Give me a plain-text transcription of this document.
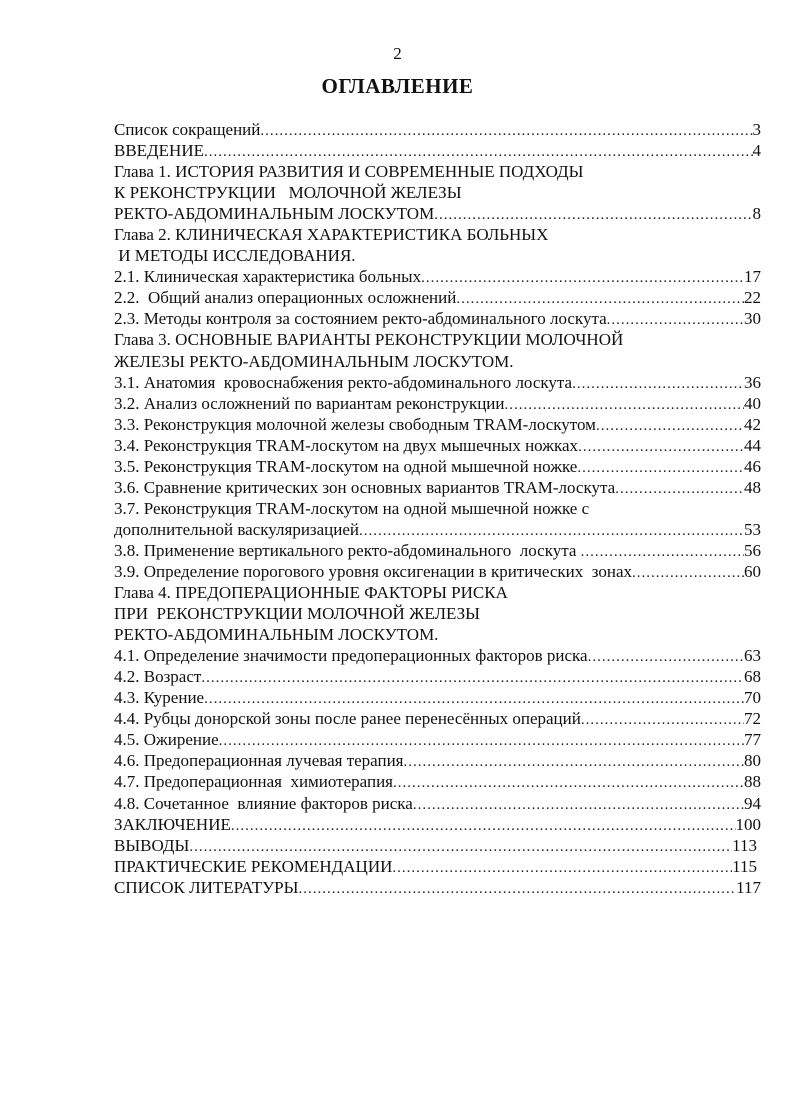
2
ОГЛАВЛЕНИЕ
Список сокращений .....	3
ВВЕДЕНИЕ .....	4
Глава 1. ИСТОРИЯ РАЗВИТИЯ И СОВРЕМЕННЫЕ ПОДХОДЫ
К РЕКОНСТРУКЦИИ   МОЛОЧНОЙ ЖЕЛЕЗЫ
РЕКТО-АБДОМИНАЛЬНЫМ ЛОСКУТОМ .....	8
Глава 2. КЛИНИЧЕСКАЯ ХАРАКТЕРИСТИКА БОЛЬНЫХ
И МЕТОДЫ ИССЛЕДОВАНИЯ.
2.1. Клиническая характеристика больных .....	17
2.2.  Общий анализ операционных осложнений .....	22
2.3. Методы контроля за состоянием ректо-абдоминального лоскута .....	30
Глава 3. ОСНОВНЫЕ ВАРИАНТЫ РЕКОНСТРУКЦИИ МОЛОЧНОЙ
ЖЕЛЕЗЫ РЕКТО-АБДОМИНАЛЬНЫМ ЛОСКУТОМ.
3.1. Анатомия  кровоснабжения ректо-абдоминального лоскута .....	36
3.2. Анализ осложнений по вариантам реконструкции .....	40
3.3. Реконструкция молочной железы свободным TRAM-лоскутом .....	42
3.4. Реконструкция TRAM-лоскутом на двух мышечных ножках .....	44
3.5. Реконструкция TRAM-лоскутом на одной мышечной ножке .....	46
3.6. Сравнение критических зон основных вариантов TRAM-лоскута .....	48
3.7. Реконструкция TRAM-лоскутом на одной мышечной ножке с
дополнительной васкуляризацией .....	53
3.8. Применение вертикального ректо-абдоминального  лоскута .....	56
3.9. Определение порогового уровня оксигенации в критических  зонах .....	60
Глава 4. ПРЕДОПЕРАЦИОННЫЕ ФАКТОРЫ РИСКА
ПРИ  РЕКОНСТРУКЦИИ МОЛОЧНОЙ ЖЕЛЕЗЫ
РЕКТО-АБДОМИНАЛЬНЫМ ЛОСКУТОМ.
4.1. Определение значимости предоперационных факторов риска .....	63
4.2. Возраст .....	68
4.3. Курение .....	70
4.4. Рубцы донорской зоны после ранее перенесённых операций .....	72
4.5. Ожирение .....	77
4.6. Предоперационная лучевая терапия .....	80
4.7. Предоперационная  химиотерапия .....	88
4.8. Сочетанное  влияние факторов риска .....	94
ЗАКЛЮЧЕНИЕ .....	100
ВЫВОДЫ .....	113
ПРАКТИЧЕСКИЕ РЕКОМЕНДАЦИИ .....	115
СПИСОК ЛИТЕРАТУРЫ .....	117
